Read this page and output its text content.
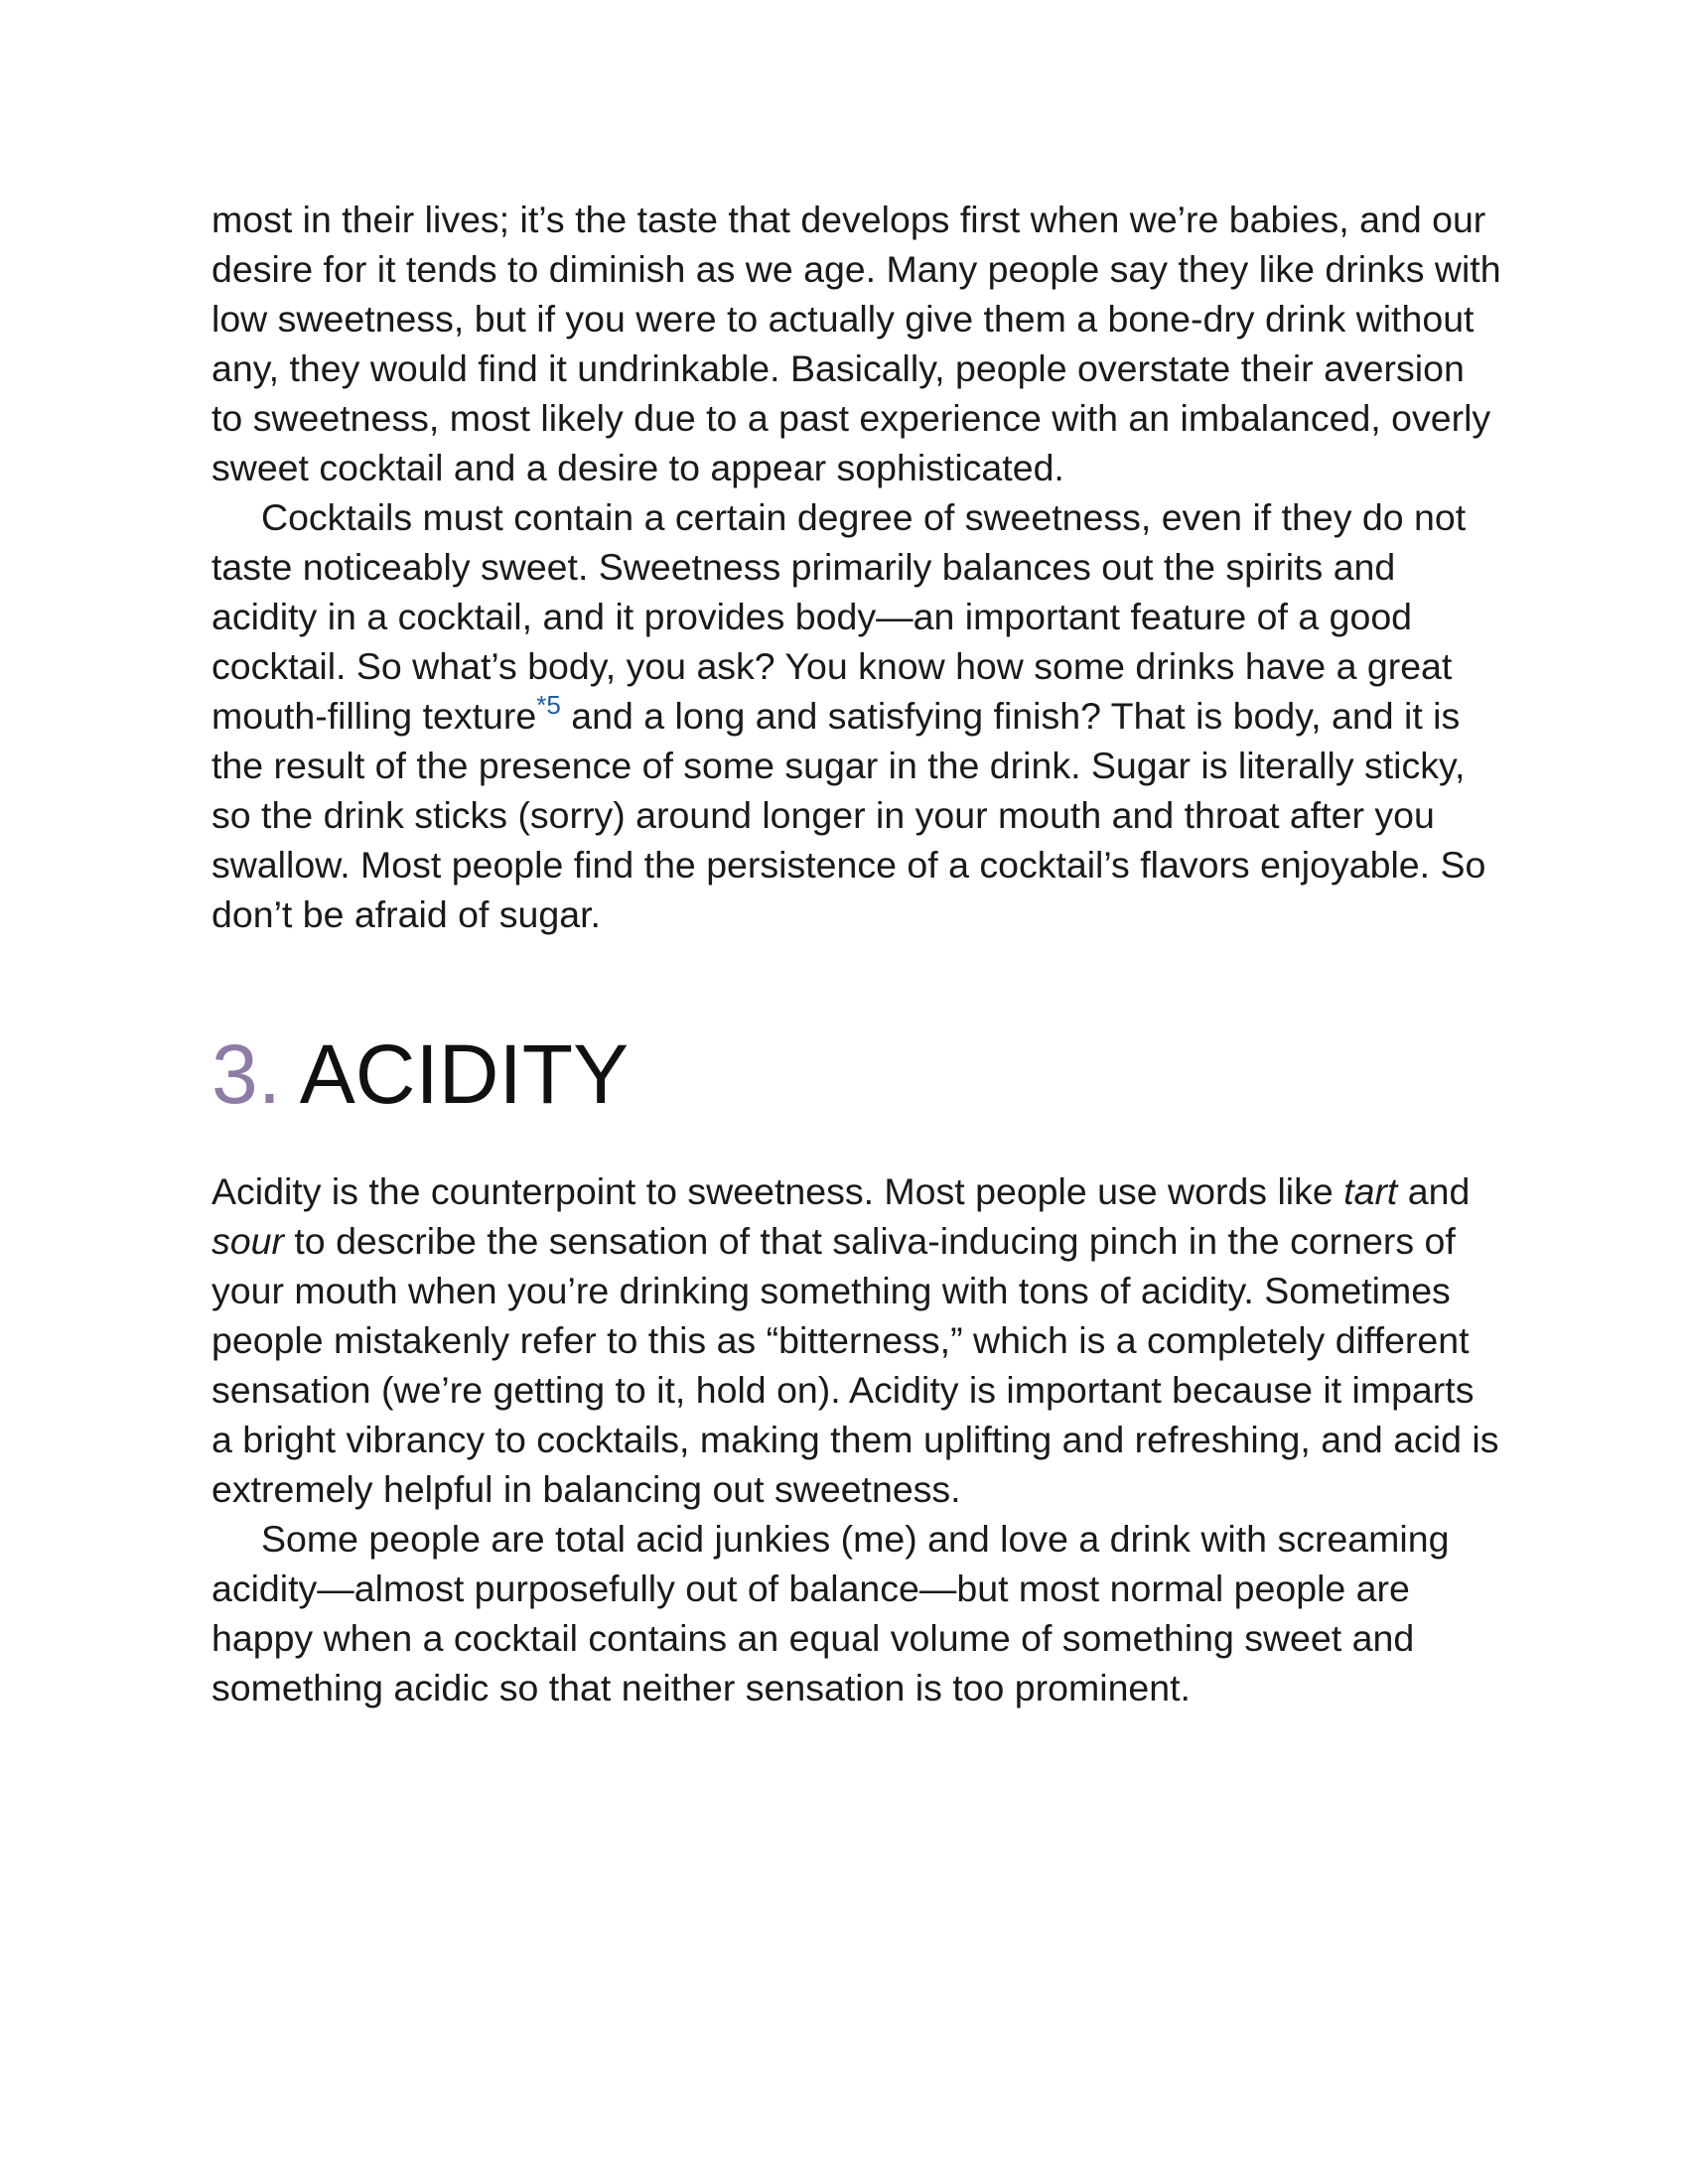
most in their lives; it’s the taste that develops first when we’re babies, and our desire for it tends to diminish as we age. Many people say they like drinks with low sweetness, but if you were to actually give them a bone-dry drink without any, they would find it undrinkable. Basically, people overstate their aversion to sweetness, most likely due to a past experience with an imbalanced, overly sweet cocktail and a desire to appear sophisticated.

Cocktails must contain a certain degree of sweetness, even if they do not taste noticeably sweet. Sweetness primarily balances out the spirits and acidity in a cocktail, and it provides body—an important feature of a good cocktail. So what’s body, you ask? You know how some drinks have a great mouth-filling texture$^{*5}$ and a long and satisfying finish? That is body, and it is the result of the presence of some sugar in the drink. Sugar is literally sticky, so the drink sticks (sorry) around longer in your mouth and throat after you swallow. Most people find the persistence of a cocktail’s flavors enjoyable. So don’t be afraid of sugar.

3. ACIDITY

Acidity is the counterpoint to sweetness. Most people use words like tart and sour to describe the sensation of that saliva-inducing pinch in the corners of your mouth when you’re drinking something with tons of acidity. Sometimes people mistakenly refer to this as “bitterness,” which is a completely different sensation (we’re getting to it, hold on). Acidity is important because it imparts a bright vibrancy to cocktails, making them uplifting and refreshing, and acid is extremely helpful in balancing out sweetness.

Some people are total acid junkies (me) and love a drink with screaming acidity—almost purposefully out of balance—but most normal people are happy when a cocktail contains an equal volume of something sweet and something acidic so that neither sensation is too prominent.
